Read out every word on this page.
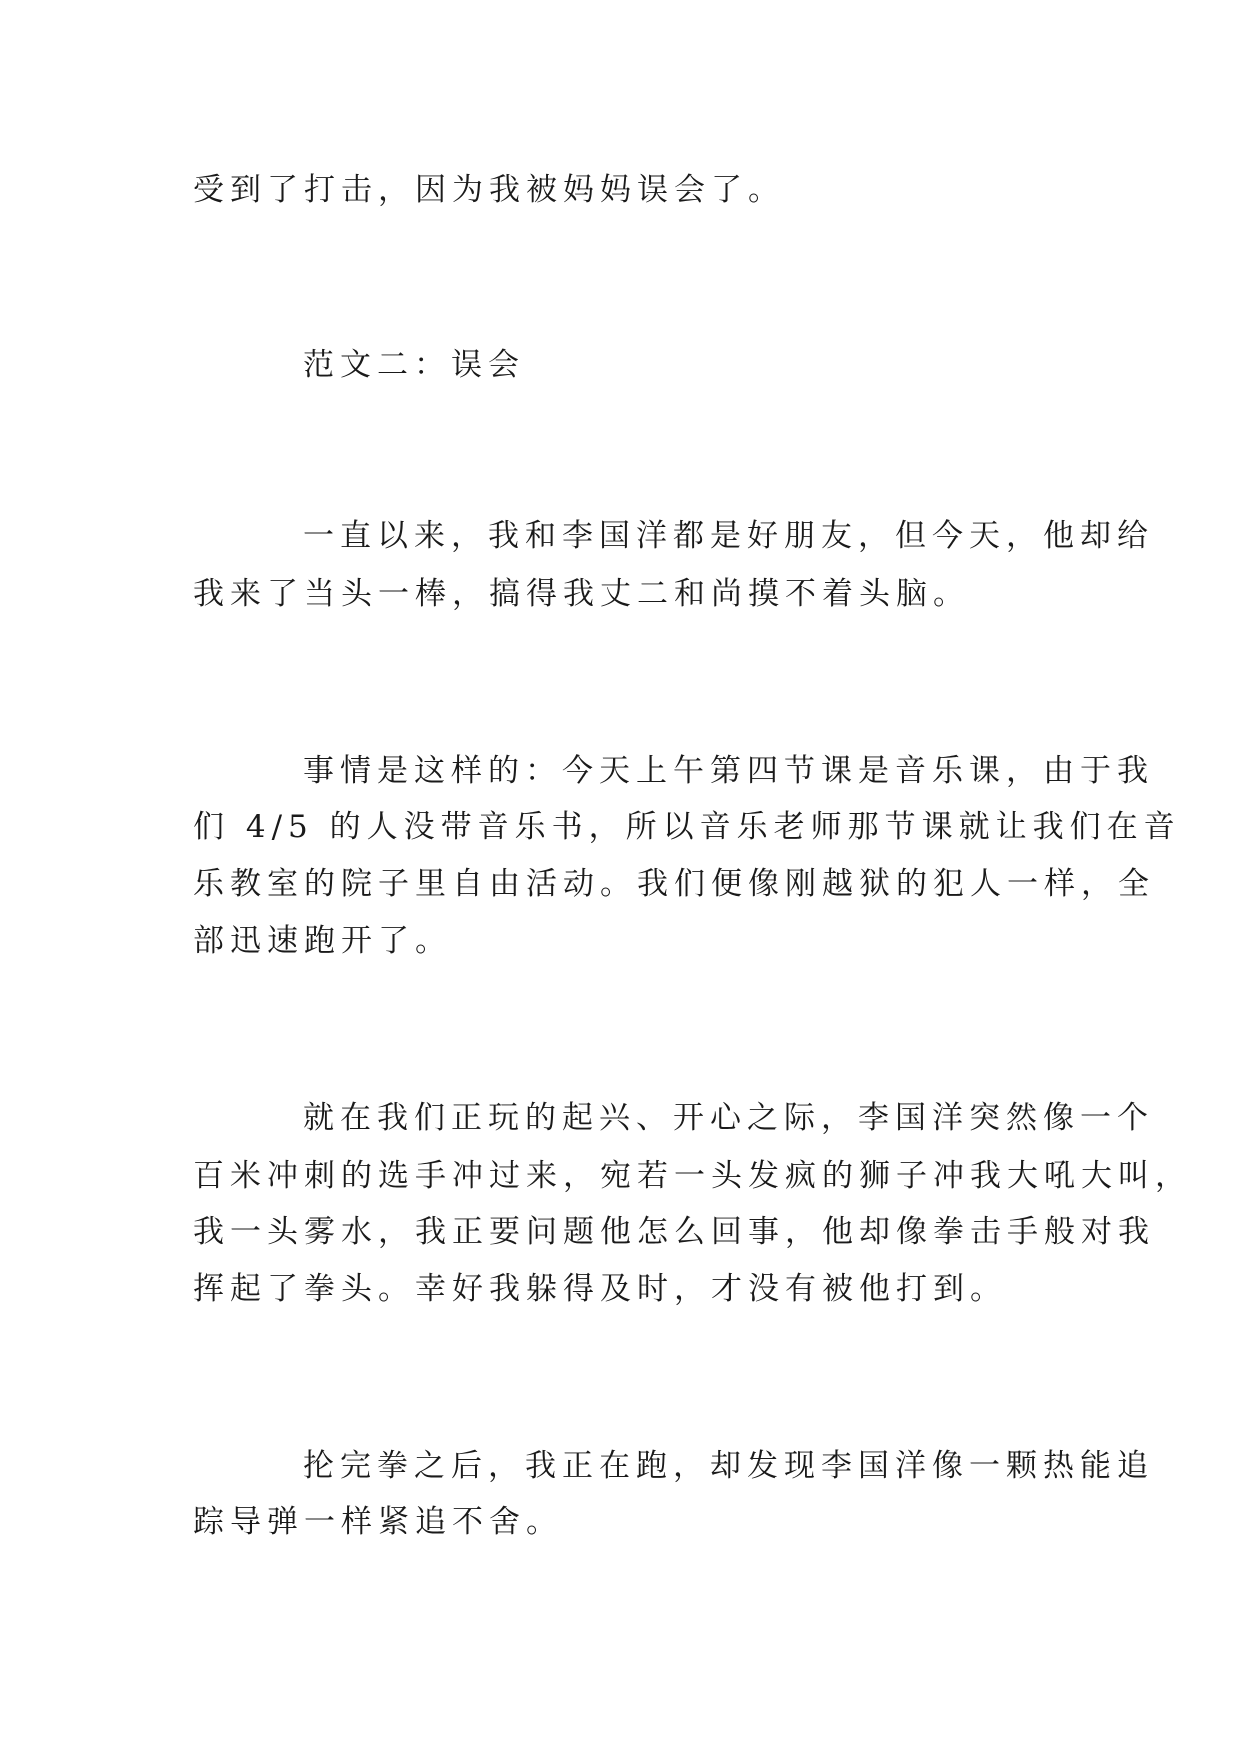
受到了打击，因为我被妈妈误会了。
范文二：误会
一直以来，我和李国洋都是好朋友，但今天，他却给
我来了当头一棒，搞得我丈二和尚摸不着头脑。
事情是这样的：今天上午第四节课是音乐课，由于我
们 4/5 的人没带音乐书，所以音乐老师那节课就让我们在音
乐教室的院子里自由活动。我们便像刚越狱的犯人一样，全
部迅速跑开了。
就在我们正玩的起兴、开心之际，李国洋突然像一个
百米冲刺的选手冲过来，宛若一头发疯的狮子冲我大吼大叫，
我一头雾水，我正要问题他怎么回事，他却像拳击手般对我
挥起了拳头。幸好我躲得及时，才没有被他打到。
抡完拳之后，我正在跑，却发现李国洋像一颗热能追
踪导弹一样紧追不舍。
